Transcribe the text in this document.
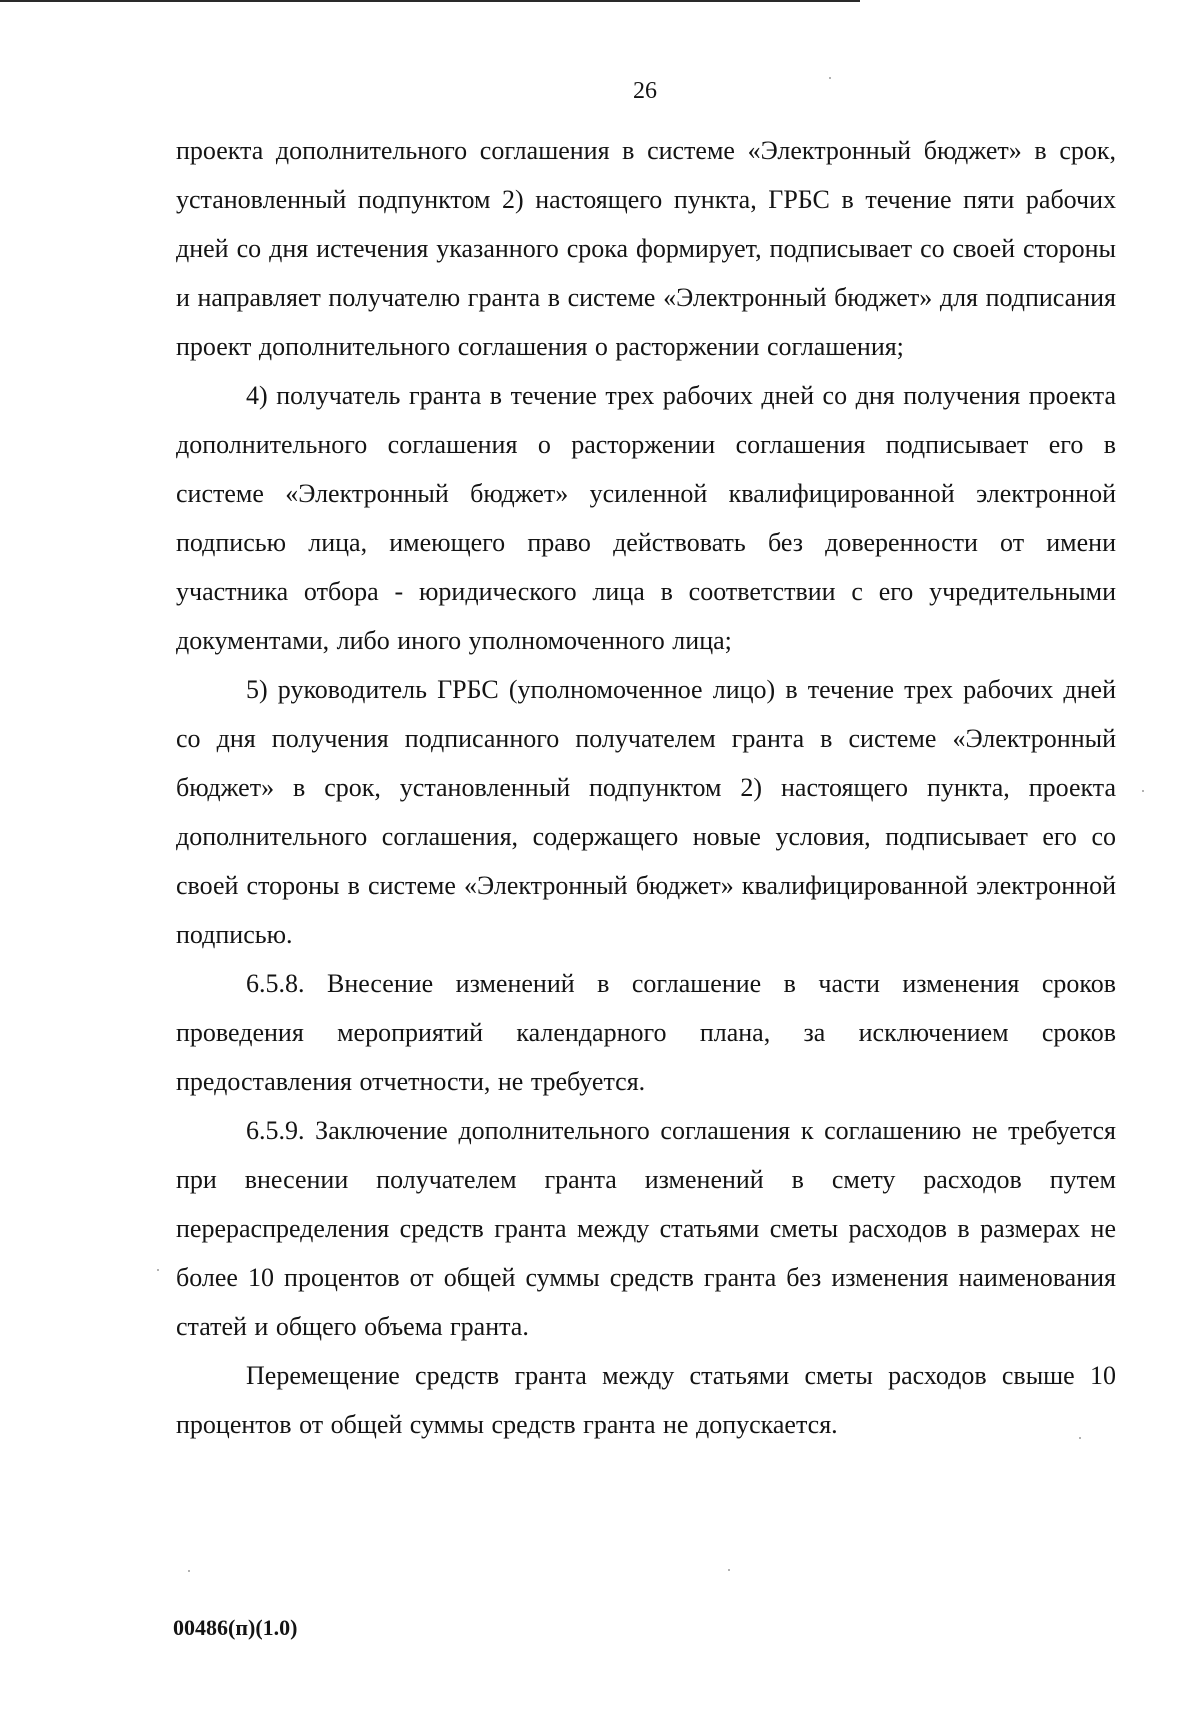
26

проекта дополнительного соглашения в системе «Электронный бюджет» в срок, установленный подпунктом 2) настоящего пункта, ГРБС в течение пяти рабочих дней со дня истечения указанного срока формирует, подписывает со своей стороны и направляет получателю гранта в системе «Электронный бюджет» для подписания проект дополнительного соглашения о расторжении соглашения;

4) получатель гранта в течение трех рабочих дней со дня получения проекта дополнительного соглашения о расторжении соглашения подписывает его в системе «Электронный бюджет» усиленной квалифицированной электронной подписью лица, имеющего право действовать без доверенности от имени участника отбора - юридического лица в соответствии с его учредительными документами, либо иного уполномоченного лица;

5) руководитель ГРБС (уполномоченное лицо) в течение трех рабочих дней со дня получения подписанного получателем гранта в системе «Электронный бюджет» в срок, установленный подпунктом 2) настоящего пункта, проекта дополнительного соглашения, содержащего новые условия, подписывает его со своей стороны в системе «Электронный бюджет» квалифицированной электронной подписью.

6.5.8. Внесение изменений в соглашение в части изменения сроков проведения мероприятий календарного плана, за исключением сроков предоставления отчетности, не требуется.

6.5.9. Заключение дополнительного соглашения к соглашению не требуется при внесении получателем гранта изменений в смету расходов путем перераспределения средств гранта между статьями сметы расходов в размерах не более 10 процентов от общей суммы средств гранта без изменения наименования статей и общего объема гранта.

Перемещение средств гранта между статьями сметы расходов свыше 10 процентов от общей суммы средств гранта не допускается.

00486(п)(1.0)
